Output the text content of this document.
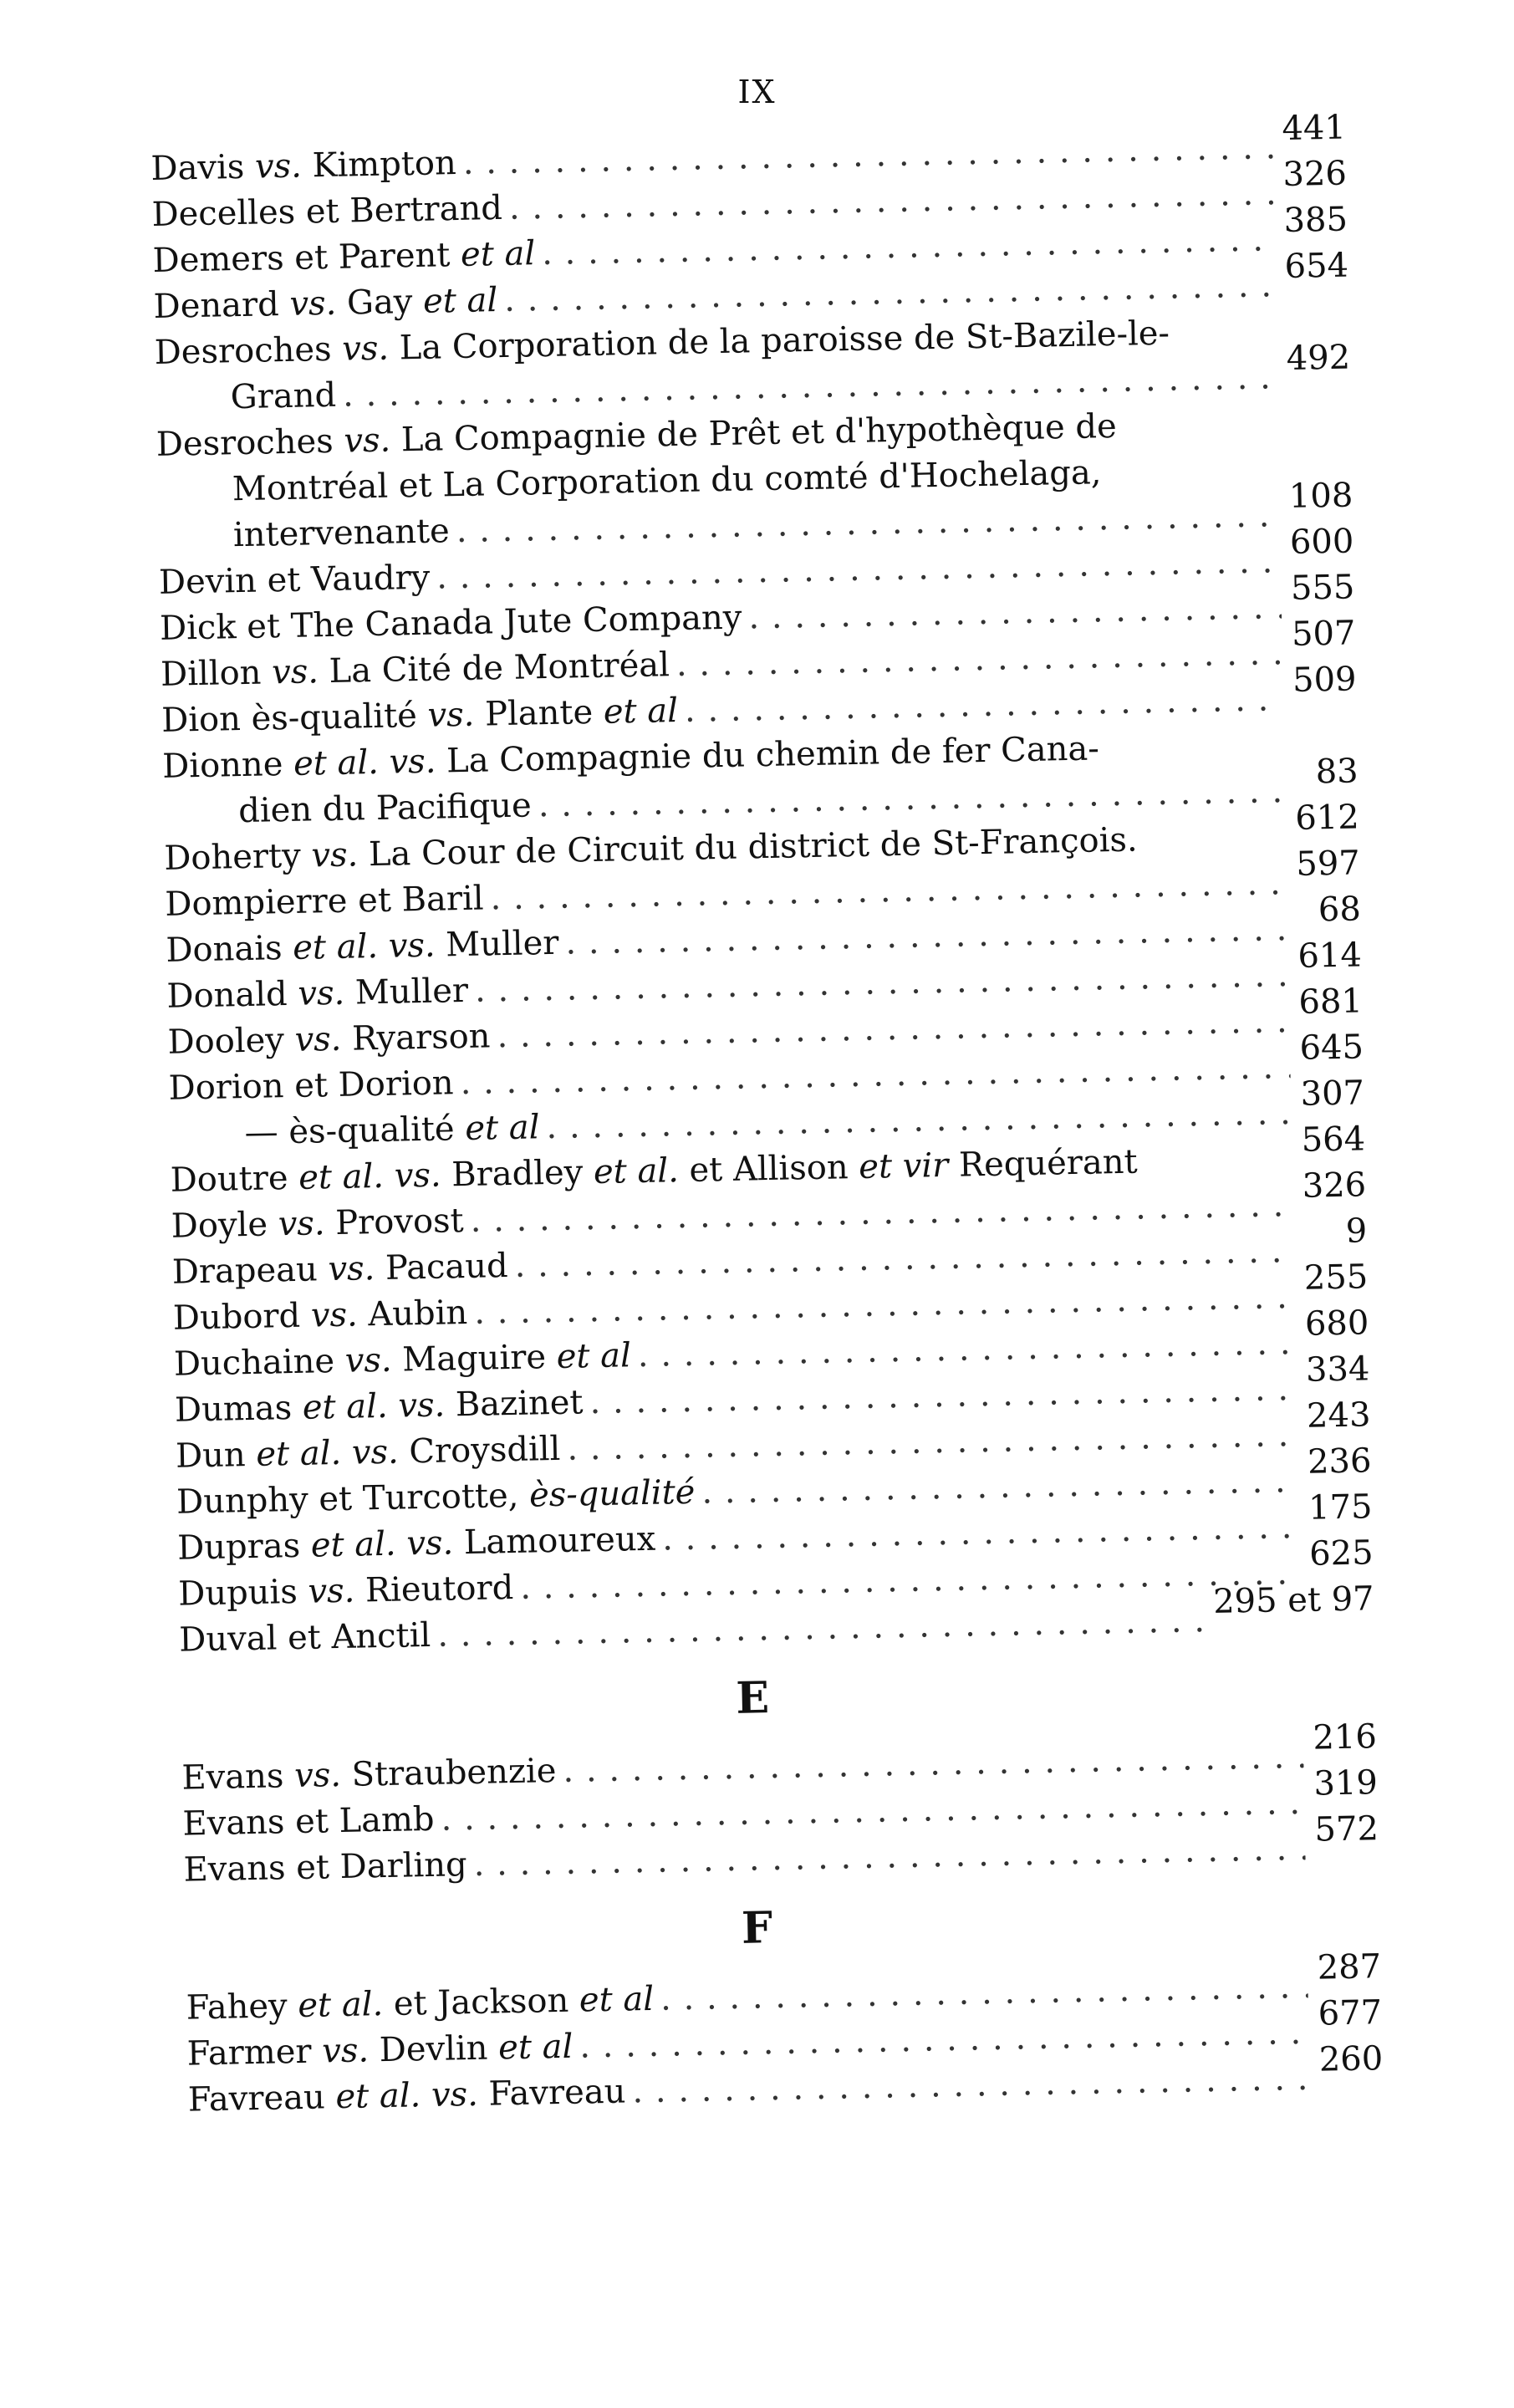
IX
Davis vs. Kimpton
. . .
441
Decelles et Bertrand
. . .
326
Demers et Parent et al
. . .
385
Denard vs. Gay et al
. . .
654
Desroches vs. La Corporation de la paroisse de St-Bazile-le-
Grand
. . .
492
Desroches vs. La Compagnie de Prêt et d'hypothèque de
Montréal et La Corporation du comté d'Hochelaga,
intervenante
. . .
108
Devin et Vaudry
. . .
600
Dick et The Canada Jute Company
. . .
555
Dillon vs. La Cité de Montréal
. . .
507
Dion ès-qualité vs. Plante et al
. . .
509
Dionne et al. vs. La Compagnie du chemin de fer Cana-
dien du Pacifique
. . .
83
Doherty vs. La Cour de Circuit du district de St-François.
612
Dompierre et Baril
. . .
597
Donais et al. vs. Muller
. . .
68
Donald vs. Muller
. . .
614
Dooley vs. Ryarson
. . .
681
Dorion et Dorion
. . .
645
— ès-qualité et al
. . .
307
Doutre et al. vs. Bradley et al. et Allison et vir Requérant
564
Doyle vs. Provost
. . .
326
Drapeau vs. Pacaud
. . .
9
Dubord vs. Aubin
. . .
255
Duchaine vs. Maguire et al
. . .
680
Dumas et al. vs. Bazinet
. . .
334
Dun et al. vs. Croysdill
. . .
243
Dunphy et Turcotte, ès-qualité
. . .
236
Dupras et al. vs. Lamoureux
. . .
175
Dupuis vs. Rieutord
. . .
625
Duval et Anctil
. . .
295 et 97
E
Evans vs. Straubenzie
. . .
216
Evans et Lamb
. . .
319
Evans et Darling
. . .
572
F
Fahey et al. et Jackson et al
. . .
287
Farmer vs. Devlin et al
. . .
677
Favreau et al. vs. Favreau
. . .
260
